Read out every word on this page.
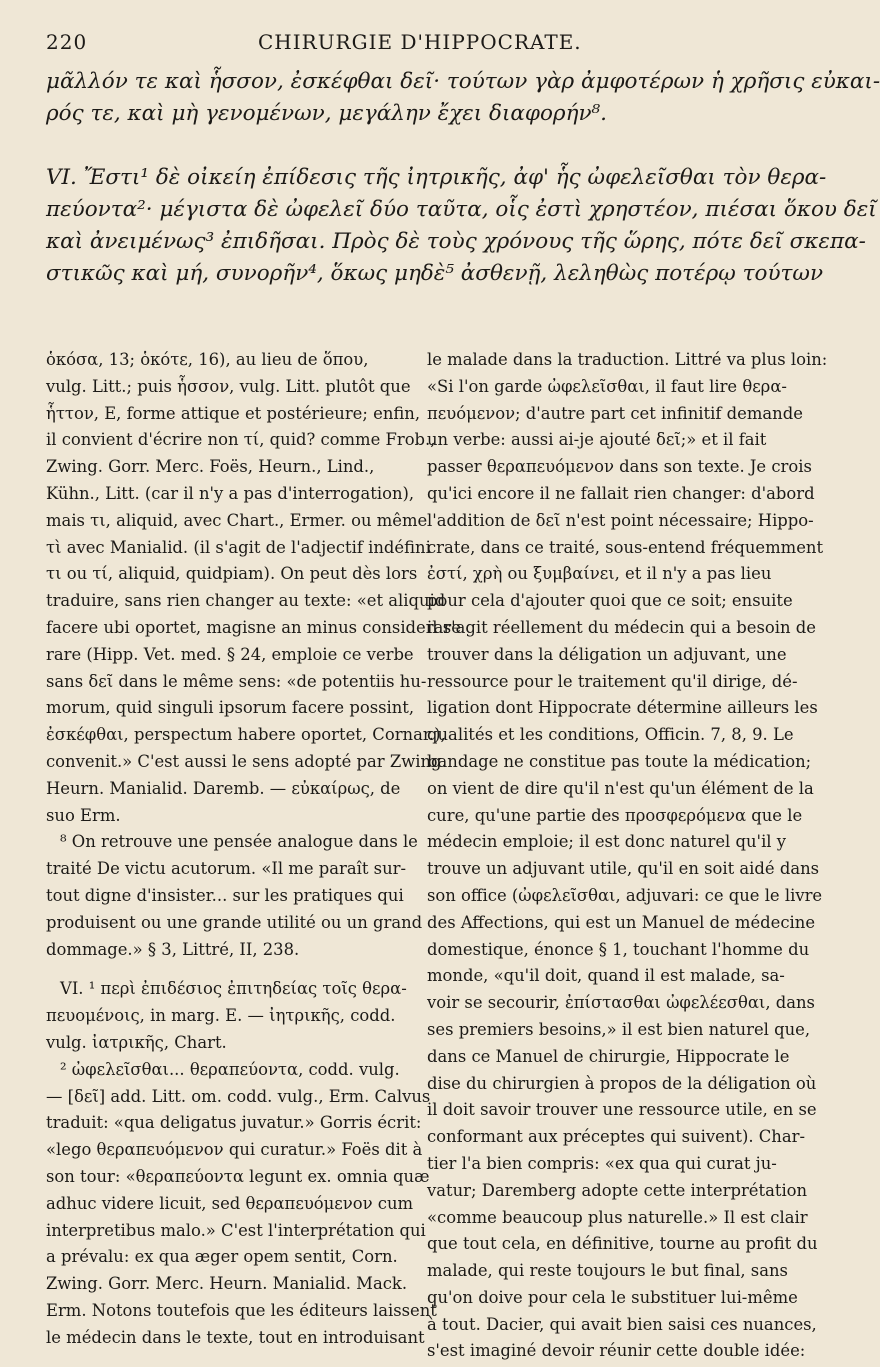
220	CHIRURGIE D'HIPPOCRATE.
μᾶλλόν τε καὶ ἧσσον, ἐσκέφθαι δεῖ· τούτων γὰρ ἀμφοτέρων ἡ χρῆσις εὐκαι-
ρός τε, καὶ μὴ γενομένων, μεγάλην ἔχει διαφορήν⁸.
VI. Ἔστι¹ δὲ οἰκείη ἐπίδεσις τῆς ἰητρικῆς, ἀφ' ἧς ὠφελεῖσθαι τὸν θερα-
πεύοντα²· μέγιστα δὲ ὠφελεῖ δύο ταῦτα, οἷς ἐστὶ χρηστέον, πιέσαι ὅκου δεῖ
καὶ ἀνειμένως³ ἐπιδῆσαι. Πρὸς δὲ τοὺς χρόνους τῆς ὥρης, πότε δεῖ σκεπα-
στικῶς καὶ μή, συνορῆν⁴, ὅκως μηδὲ⁵ ἀσθενῇ, λεληθὼς ποτέρῳ τούτων
ὁκόσα, 13; ὁκότε, 16), au lieu de ὅπου,
vulg. Litt.; puis ἧσσον, vulg. Litt. plutôt que
ἧττον, E, forme attique et postérieure; enfin,
il convient d'écrire non τί, quid? comme Frob.,
Zwing. Gorr. Merc. Foës, Heurn., Lind.,
Kühn., Litt. (car il n'y a pas d'interrogation),
mais τι, aliquid, avec Chart., Ermer. ou même
τὶ avec Manialid. (il s'agit de l'adjectif indéfini
τι ou τί, aliquid, quidpiam). On peut dès lors
traduire, sans rien changer au texte: «et aliquid
facere ubi oportet, magisne an minus considerare
rare (Hipp. Vet. med. § 24, emploie ce verbe
sans δεῖ dans le même sens: «de potentiis hu-
morum, quid singuli ipsorum facere possint,
ἐσκέφθαι, perspectum habere oportet, Cornar.),
convenit.» C'est aussi le sens adopté par Zwing.
Heurn. Manialid. Daremb. — εὐκαίρως, de
suo Erm.
⁸ On retrouve une pensée analogue dans le
traité De victu acutorum. «Il me paraît sur-
tout digne d'insister... sur les pratiques qui
produisent ou une grande utilité ou un grand
dommage.» § 3, Littré, II, 238.
VI. ¹ περὶ ἐπιδέσιος ἐπιτηδείας τοῖς θερα-
πευομένοις, in marg. E. — ἰητρικῆς, codd.
vulg. ἰατρικῆς, Chart.
² ὠφελεῖσθαι... θεραπεύοντα, codd. vulg.
— [δεῖ] add. Litt. om. codd. vulg., Erm. Calvus
traduit: «qua deligatus juvatur.» Gorris écrit:
«lego θεραπευόμενον qui curatur.» Foës dit à
son tour: «θεραπεύοντα legunt ex. omnia quæ
adhuc videre licuit, sed θεραπευόμενον cum
interpretibus malo.» C'est l'interprétation qui
a prévalu: ex qua æger opem sentit, Corn.
Zwing. Gorr. Merc. Heurn. Manialid. Mack.
Erm. Notons toutefois que les éditeurs laissent
le médecin dans le texte, tout en introduisant
le malade dans la traduction. Littré va plus loin:
«Si l'on garde ὠφελεῖσθαι, il faut lire θερα-
πευόμενον; d'autre part cet infinitif demande
un verbe: aussi ai-je ajouté δεῖ;» et il fait
passer θεραπευόμενον dans son texte. Je crois
qu'ici encore il ne fallait rien changer: d'abord
l'addition de δεῖ n'est point nécessaire; Hippo-
crate, dans ce traité, sous-entend fréquemment
ἐστί, χρὴ ou ξυμβαίνει, et il n'y a pas lieu
pour cela d'ajouter quoi que ce soit; ensuite
il s'agit réellement du médecin qui a besoin de
trouver dans la déligation un adjuvant, une
ressource pour le traitement qu'il dirige, dé-
ligation dont Hippocrate détermine ailleurs les
qualités et les conditions, Officin. 7, 8, 9. Le
bandage ne constitue pas toute la médication;
on vient de dire qu'il n'est qu'un élément de la
cure, qu'une partie des προσφερόμενα que le
médecin emploie; il est donc naturel qu'il y
trouve un adjuvant utile, qu'il en soit aidé dans
son office (ὠφελεῖσθαι, adjuvari: ce que le livre
des Affections, qui est un Manuel de médecine
domestique, énonce § 1, touchant l'homme du
monde, «qu'il doit, quand il est malade, sa-
voir se secourir, ἐπίστασθαι ὠφελέεσθαι, dans
ses premiers besoins,» il est bien naturel que,
dans ce Manuel de chirurgie, Hippocrate le
dise du chirurgien à propos de la déligation où
il doit savoir trouver une ressource utile, en se
conformant aux préceptes qui suivent). Char-
tier l'a bien compris: «ex qua qui curat ju-
vatur; Daremberg adopte cette interprétation
«comme beaucoup plus naturelle.» Il est clair
que tout cela, en définitive, tourne au profit du
malade, qui reste toujours le but final, sans
qu'on doive pour cela le substituer lui-même
à tout. Dacier, qui avait bien saisi ces nuances,
s'est imaginé devoir réunir cette double idée:
